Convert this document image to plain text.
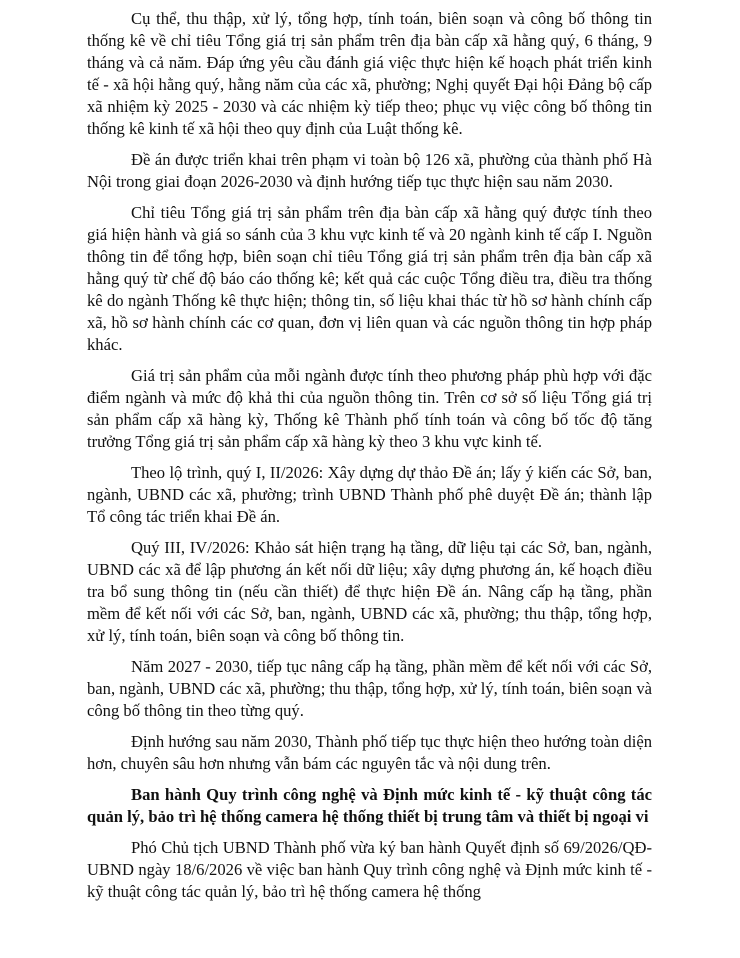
Cụ thể, thu thập, xử lý, tổng hợp, tính toán, biên soạn và công bố thông tin thống kê về chỉ tiêu Tổng giá trị sản phẩm trên địa bàn cấp xã hằng quý, 6 tháng, 9 tháng và cả năm. Đáp ứng yêu cầu đánh giá việc thực hiện kế hoạch phát triển kinh tế - xã hội hằng quý, hằng năm của các xã, phường; Nghị quyết Đại hội Đảng bộ cấp xã nhiệm kỳ 2025 - 2030 và các nhiệm kỳ tiếp theo; phục vụ việc công bố thông tin thống kê kinh tế xã hội theo quy định của Luật thống kê.

Đề án được triển khai trên phạm vi toàn bộ 126 xã, phường của thành phố Hà Nội trong giai đoạn 2026-2030 và định hướng tiếp tục thực hiện sau năm 2030.

Chỉ tiêu Tổng giá trị sản phẩm trên địa bàn cấp xã hằng quý được tính theo giá hiện hành và giá so sánh của 3 khu vực kinh tế và 20 ngành kinh tế cấp I. Nguồn thông tin để tổng hợp, biên soạn chỉ tiêu Tổng giá trị sản phẩm trên địa bàn cấp xã hằng quý từ chế độ báo cáo thống kê; kết quả các cuộc Tổng điều tra, điều tra thống kê do ngành Thống kê thực hiện; thông tin, số liệu khai thác từ hồ sơ hành chính cấp xã, hồ sơ hành chính các cơ quan, đơn vị liên quan và các nguồn thông tin hợp pháp khác.

Giá trị sản phẩm của mỗi ngành được tính theo phương pháp phù hợp với đặc điểm ngành và mức độ khả thi của nguồn thông tin. Trên cơ sở số liệu Tổng giá trị sản phẩm cấp xã hàng kỳ, Thống kê Thành phố tính toán và công bố tốc độ tăng trưởng Tổng giá trị sản phẩm cấp xã hàng kỳ theo 3 khu vực kinh tế.

Theo lộ trình, quý I, II/2026: Xây dựng dự thảo Đề án; lấy ý kiến các Sở, ban, ngành, UBND các xã, phường; trình UBND Thành phố phê duyệt Đề án; thành lập Tổ công tác triển khai Đề án.

Quý III, IV/2026: Khảo sát hiện trạng hạ tầng, dữ liệu tại các Sở, ban, ngành, UBND các xã để lập phương án kết nối dữ liệu; xây dựng phương án, kế hoạch điều tra bổ sung thông tin (nếu cần thiết) để thực hiện Đề án. Nâng cấp hạ tầng, phần mềm để kết nối với các Sở, ban, ngành, UBND các xã, phường; thu thập, tổng hợp, xử lý, tính toán, biên soạn và công bố thông tin.

Năm 2027 - 2030, tiếp tục nâng cấp hạ tầng, phần mềm để kết nối với các Sở, ban, ngành, UBND các xã, phường; thu thập, tổng hợp, xử lý, tính toán, biên soạn và công bố thông tin theo từng quý.

Định hướng sau năm 2030, Thành phố tiếp tục thực hiện theo hướng toàn diện hơn, chuyên sâu hơn nhưng vẫn bám các nguyên tắc và nội dung trên.

Ban hành Quy trình công nghệ và Định mức kinh tế - kỹ thuật công tác quản lý, bảo trì hệ thống camera hệ thống thiết bị trung tâm và thiết bị ngoại vi

Phó Chủ tịch UBND Thành phố vừa ký ban hành Quyết định số 69/2026/QĐ-UBND ngày 18/6/2026 về việc ban hành Quy trình công nghệ và Định mức kinh tế - kỹ thuật công tác quản lý, bảo trì hệ thống camera hệ thống
